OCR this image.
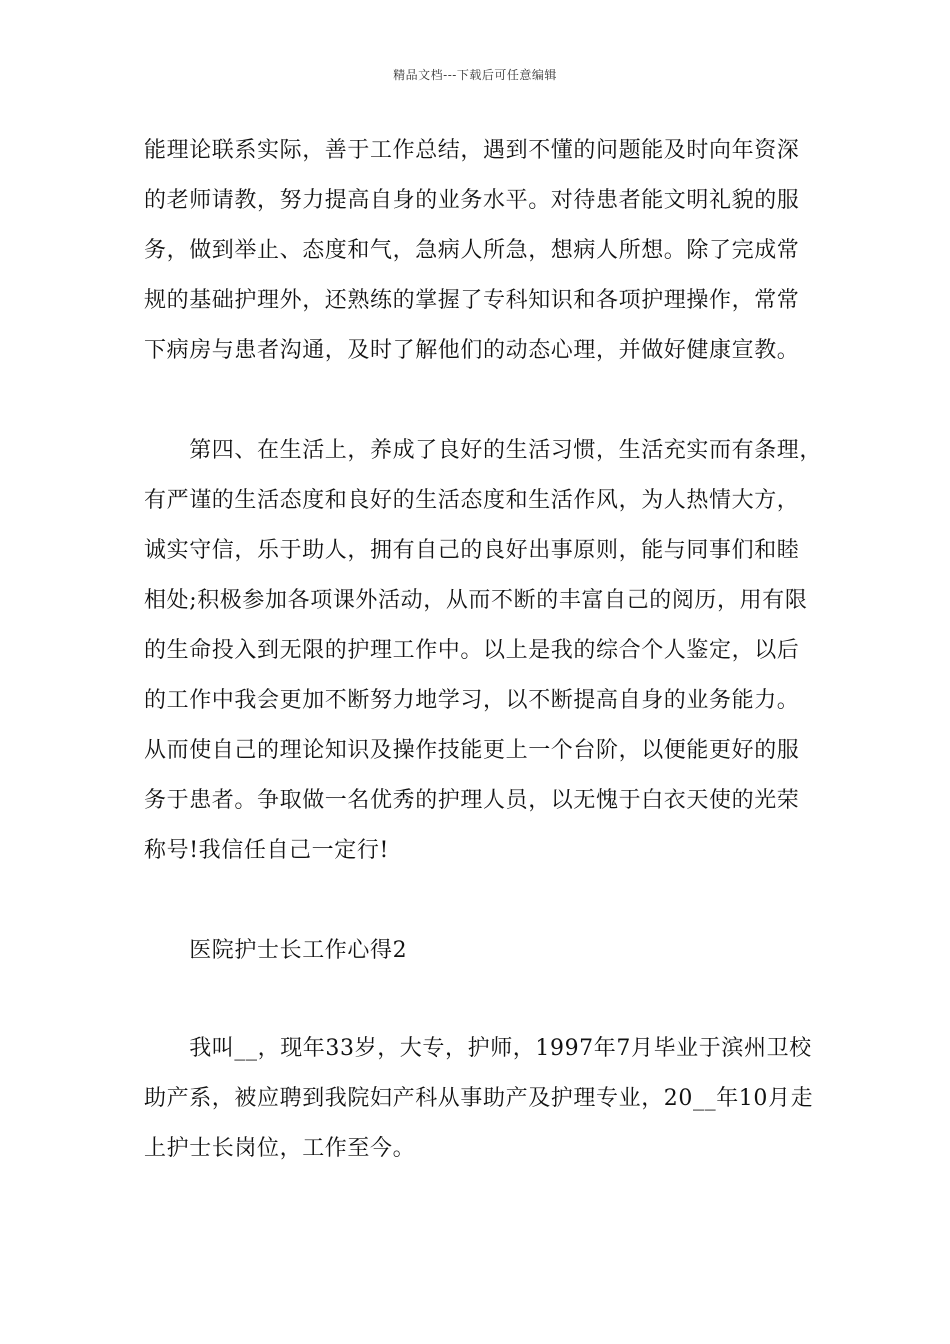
精品文档---下载后可任意编辑
能理论联系实际，善于工作总结，遇到不懂的问题能及时向年资深
的老师请教，努力提高自身的业务水平。对待患者能文明礼貌的服
务，做到举止、态度和气，急病人所急，想病人所想。除了完成常
规的基础护理外，还熟练的掌握了专科知识和各项护理操作，常常
下病房与患者沟通，及时了解他们的动态心理，并做好健康宣教。
　　第四、在生活上，养成了良好的生活习惯，生活充实而有条理，
有严谨的生活态度和良好的生活态度和生活作风，为人热情大方，
诚实守信，乐于助人，拥有自己的良好出事原则，能与同事们和睦
相处;积极参加各项课外活动，从而不断的丰富自己的阅历，用有限
的生命投入到无限的护理工作中。以上是我的综合个人鉴定，以后
的工作中我会更加不断努力地学习，以不断提高自身的业务能力。
从而使自己的理论知识及操作技能更上一个台阶，以便能更好的服
务于患者。争取做一名优秀的护理人员，以无愧于白衣天使的光荣
称号!我信任自己一定行!
　　医院护士长工作心得2
　　我叫__，现年33岁，大专，护师，1997年7月毕业于滨州卫校
助产系，被应聘到我院妇产科从事助产及护理专业，20__年10月走
上护士长岗位，工作至今。
